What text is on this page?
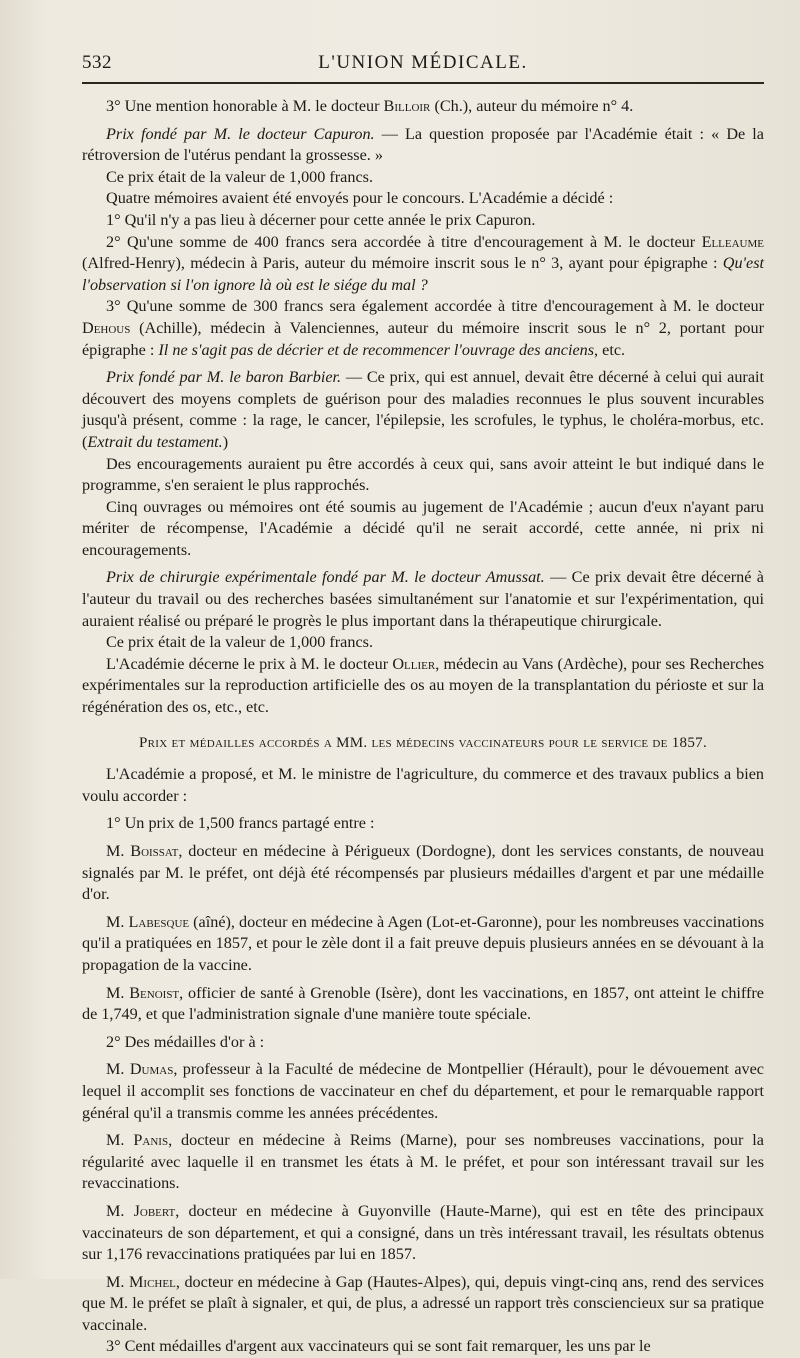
532	L'UNION MÉDICALE.

3° Une mention honorable à M. le docteur Billoir (Ch.), auteur du mémoire n° 4.

Prix fondé par M. le docteur Capuron. — La question proposée par l'Académie était : « De la rétroversion de l'utérus pendant la grossesse. »

Ce prix était de la valeur de 1,000 francs.

Quatre mémoires avaient été envoyés pour le concours. L'Académie a décidé :

1° Qu'il n'y a pas lieu à décerner pour cette année le prix Capuron.

2° Qu'une somme de 400 francs sera accordée à titre d'encouragement à M. le docteur Elleaume (Alfred-Henry), médecin à Paris, auteur du mémoire inscrit sous le n° 3, ayant pour épigraphe : Qu'est l'observation si l'on ignore là où est le siége du mal ?

3° Qu'une somme de 300 francs sera également accordée à titre d'encouragement à M. le docteur Dehous (Achille), médecin à Valenciennes, auteur du mémoire inscrit sous le n° 2, portant pour épigraphe : Il ne s'agit pas de décrier et de recommencer l'ouvrage des anciens, etc.

Prix fondé par M. le baron Barbier. — Ce prix, qui est annuel, devait être décerné à celui qui aurait découvert des moyens complets de guérison pour des maladies reconnues le plus souvent incurables jusqu'à présent, comme : la rage, le cancer, l'épilepsie, les scrofules, le typhus, le choléra-morbus, etc. (Extrait du testament.)

Des encouragements auraient pu être accordés à ceux qui, sans avoir atteint le but indiqué dans le programme, s'en seraient le plus rapprochés.

Cinq ouvrages ou mémoires ont été soumis au jugement de l'Académie ; aucun d'eux n'ayant paru mériter de récompense, l'Académie a décidé qu'il ne serait accordé, cette année, ni prix ni encouragements.

Prix de chirurgie expérimentale fondé par M. le docteur Amussat. — Ce prix devait être décerné à l'auteur du travail ou des recherches basées simultanément sur l'anatomie et sur l'expérimentation, qui auraient réalisé ou préparé le progrès le plus important dans la thérapeutique chirurgicale.

Ce prix était de la valeur de 1,000 francs.

L'Académie décerne le prix à M. le docteur Ollier, médecin au Vans (Ardèche), pour ses Recherches expérimentales sur la reproduction artificielle des os au moyen de la transplantation du périoste et sur la régénération des os, etc., etc.

Prix et médailles accordés a MM. les médecins vaccinateurs pour le service de 1857.

L'Académie a proposé, et M. le ministre de l'agriculture, du commerce et des travaux publics a bien voulu accorder :

1° Un prix de 1,500 francs partagé entre :

M. Boissat, docteur en médecine à Périgueux (Dordogne), dont les services constants, de nouveau signalés par M. le préfet, ont déjà été récompensés par plusieurs médailles d'argent et par une médaille d'or.

M. Labesque (aîné), docteur en médecine à Agen (Lot-et-Garonne), pour les nombreuses vaccinations qu'il a pratiquées en 1857, et pour le zèle dont il a fait preuve depuis plusieurs années en se dévouant à la propagation de la vaccine.

M. Benoist, officier de santé à Grenoble (Isère), dont les vaccinations, en 1857, ont atteint le chiffre de 1,749, et que l'administration signale d'une manière toute spéciale.

2° Des médailles d'or à :

M. Dumas, professeur à la Faculté de médecine de Montpellier (Hérault), pour le dévouement avec lequel il accomplit ses fonctions de vaccinateur en chef du département, et pour le remarquable rapport général qu'il a transmis comme les années précédentes.

M. Panis, docteur en médecine à Reims (Marne), pour ses nombreuses vaccinations, pour la régularité avec laquelle il en transmet les états à M. le préfet, et pour son intéressant travail sur les revaccinations.

M. Jobert, docteur en médecine à Guyonville (Haute-Marne), qui est en tête des principaux vaccinateurs de son département, et qui a consigné, dans un très intéressant travail, les résultats obtenus sur 1,176 revaccinations pratiquées par lui en 1857.

M. Michel, docteur en médecine à Gap (Hautes-Alpes), qui, depuis vingt-cinq ans, rend des services que M. le préfet se plaît à signaler, et qui, de plus, a adressé un rapport très consciencieux sur sa pratique vaccinale.

3° Cent médailles d'argent aux vaccinateurs qui se sont fait remarquer, les uns par le
